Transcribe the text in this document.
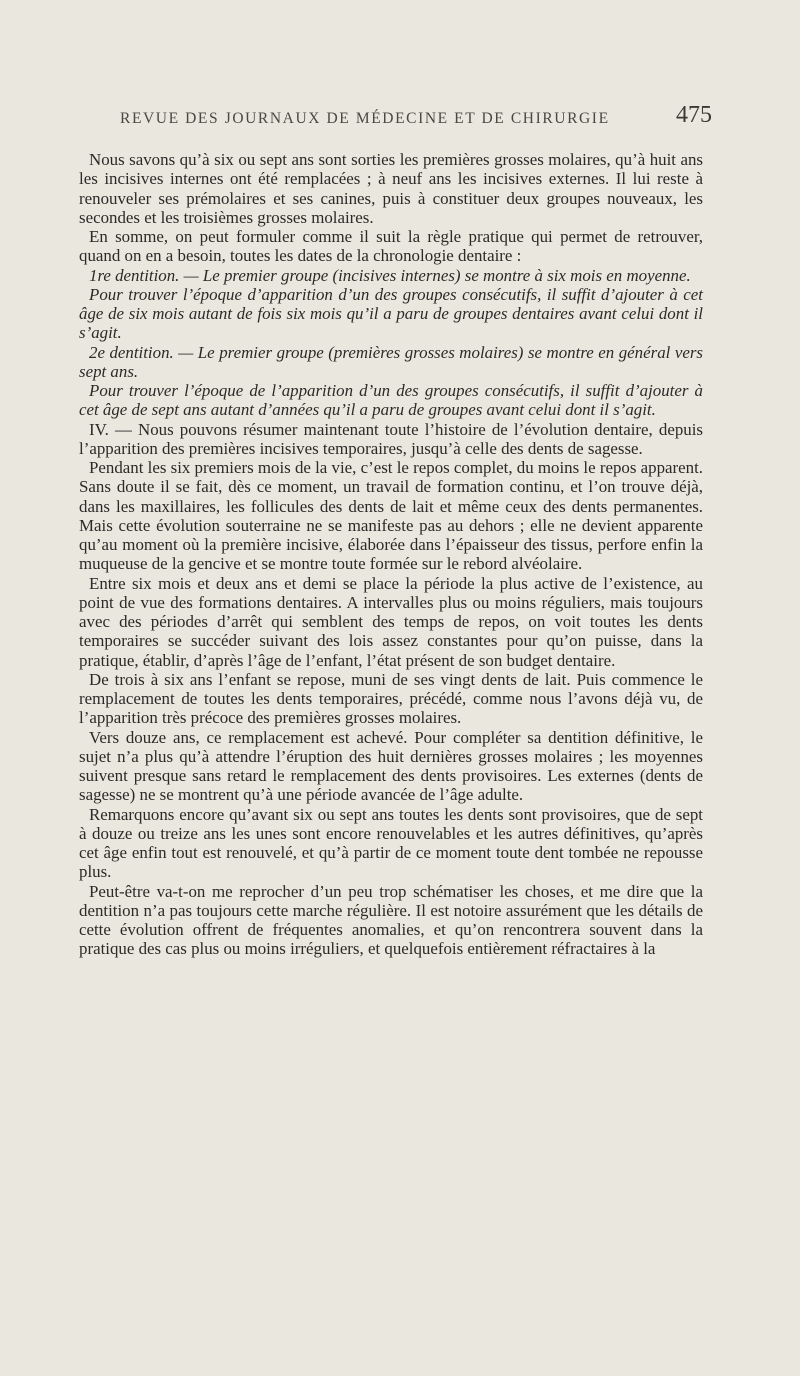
REVUE DES JOURNAUX DE MÉDECINE ET DE CHIRURGIE	475

Nous savons qu’à six ou sept ans sont sorties les premières grosses molaires, qu’à huit ans les incisives internes ont été remplacées ; à neuf ans les incisives externes. Il lui reste à renouveler ses prémolaires et ses canines, puis à constituer deux groupes nouveaux, les secondes et les troisièmes grosses molaires.

En somme, on peut formuler comme il suit la règle pratique qui permet de retrouver, quand on en a besoin, toutes les dates de la chronologie dentaire :

1re dentition. — Le premier groupe (incisives internes) se montre à six mois en moyenne.

Pour trouver l’époque d’apparition d’un des groupes consécutifs, il suffit d’ajouter à cet âge de six mois autant de fois six mois qu’il a paru de groupes dentaires avant celui dont il s’agit.

2e dentition. — Le premier groupe (premières grosses molaires) se montre en général vers sept ans.

Pour trouver l’époque de l’apparition d’un des groupes consécutifs, il suffit d’ajouter à cet âge de sept ans autant d’années qu’il a paru de groupes avant celui dont il s’agit.

IV. — Nous pouvons résumer maintenant toute l’histoire de l’évolution dentaire, depuis l’apparition des premières incisives temporaires, jusqu’à celle des dents de sagesse.

Pendant les six premiers mois de la vie, c’est le repos complet, du moins le repos apparent. Sans doute il se fait, dès ce moment, un travail de formation continu, et l’on trouve déjà, dans les maxillaires, les follicules des dents de lait et même ceux des dents permanentes. Mais cette évolution souterraine ne se manifeste pas au dehors ; elle ne devient apparente qu’au moment où la première incisive, élaborée dans l’épaisseur des tissus, perfore enfin la muqueuse de la gencive et se montre toute formée sur le rebord alvéolaire.

Entre six mois et deux ans et demi se place la période la plus active de l’existence, au point de vue des formations dentaires. A intervalles plus ou moins réguliers, mais toujours avec des périodes d’arrêt qui semblent des temps de repos, on voit toutes les dents temporaires se succéder suivant des lois assez constantes pour qu’on puisse, dans la pratique, établir, d’après l’âge de l’enfant, l’état présent de son budget dentaire.

De trois à six ans l’enfant se repose, muni de ses vingt dents de lait. Puis commence le remplacement de toutes les dents temporaires, précédé, comme nous l’avons déjà vu, de l’apparition très précoce des premières grosses molaires.

Vers douze ans, ce remplacement est achevé. Pour compléter sa dentition définitive, le sujet n’a plus qu’à attendre l’éruption des huit dernières grosses molaires ; les moyennes suivent presque sans retard le remplacement des dents provisoires. Les externes (dents de sagesse) ne se montrent qu’à une période avancée de l’âge adulte.

Remarquons encore qu’avant six ou sept ans toutes les dents sont provisoires, que de sept à douze ou treize ans les unes sont encore renouvelables et les autres définitives, qu’après cet âge enfin tout est renouvelé, et qu’à partir de ce moment toute dent tombée ne repousse plus.

Peut-être va-t-on me reprocher d’un peu trop schématiser les choses, et me dire que la dentition n’a pas toujours cette marche régulière. Il est notoire assurément que les détails de cette évolution offrent de fréquentes anomalies, et qu’on rencontrera souvent dans la pratique des cas plus ou moins irréguliers, et quelquefois entièrement réfractaires à la
